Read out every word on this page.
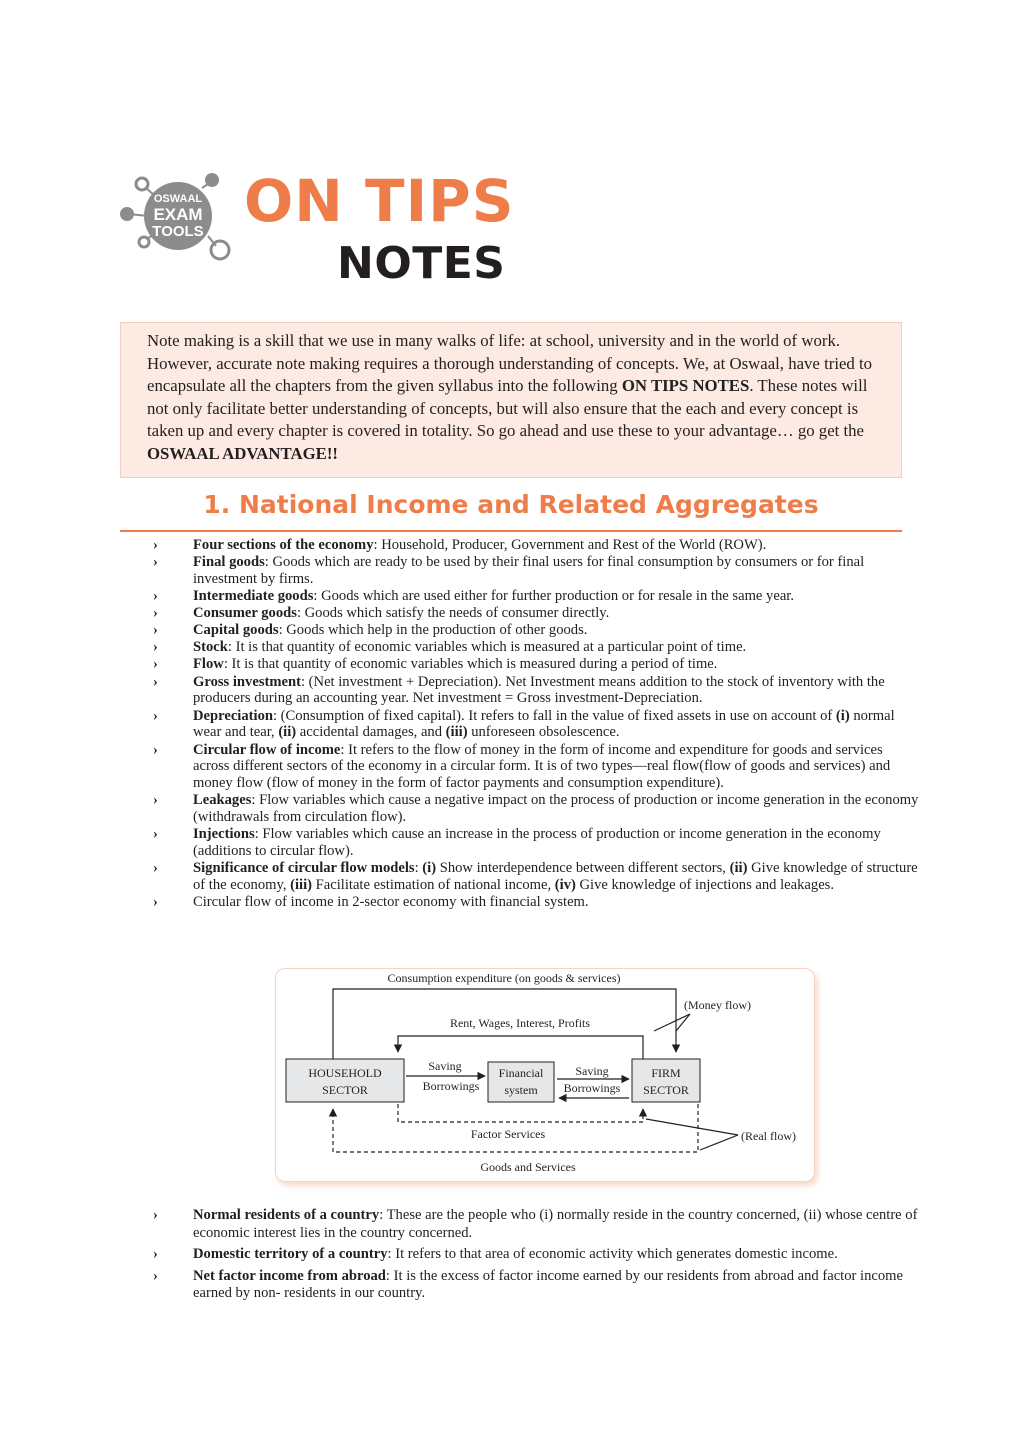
OSWAAL
EXAM
TOOLS ON TIPS
NOTES

Note making is a skill that we use in many walks of life: at school, university and in the world of work. However, accurate note making requires a thorough understanding of concepts. We, at Oswaal, have tried to encapsulate all the chapters from the given syllabus into the following ON TIPS NOTES. These notes will not only facilitate better understanding of concepts, but will also ensure that the each and every concept is taken up and every chapter is covered in totality. So go ahead and use these to your advantage… go get the OSWAAL ADVANTAGE!!

1. National Income and Related Aggregates
› Four sections of the economy: Household, Producer, Government and Rest of the World (ROW).
› Final goods: Goods which are ready to be used by their final users for final consumption by consumers or for final investment by firms.
› Intermediate goods: Goods which are used either for further production or for resale in the same year.
› Consumer goods: Goods which satisfy the needs of consumer directly.
› Capital goods: Goods which help in the production of other goods.
› Stock: It is that quantity of economic variables which is measured at a particular point of time.
› Flow: It is that quantity of economic variables which is measured during a period of time.
› Gross investment: (Net investment + Depreciation). Net Investment means addition to the stock of inventory with the producers during an accounting year. Net investment = Gross investment-Depreciation.
› Depreciation: (Consumption of fixed capital). It refers to fall in the value of fixed assets in use on account of (i) normal wear and tear, (ii) accidental damages, and (iii) unforeseen obsolescence.
› Circular flow of income: It refers to the flow of money in the form of income and expenditure for goods and services across different sectors of the economy in a circular form. It is of two types—real flow(flow of goods and services) and money flow (flow of money in the form of factor payments and consumption expenditure).
› Leakages: Flow variables which cause a negative impact on the process of production or income generation in the economy (withdrawals from circulation flow).
› Injections: Flow variables which cause an increase in the process of production or income generation in the economy (additions to circular flow).
› Significance of circular flow models: (i) Show interdependence between different sectors, (ii) Give knowledge of structure of the economy, (iii) Facilitate estimation of national income, (iv) Give knowledge of injections and leakages.
› Circular flow of income in 2-sector economy with financial system.
Consumption expenditure (on goods & services)
Rent, Wages, Interest, Profits
(Money flow)
HOUSEHOLD
SECTOR
Financial
system
FIRM
SECTOR
Saving
Borrowings
Saving
Borrowings
Factor Services
Goods and Services
(Real flow)
› Normal residents of a country: These are the people who (i) normally reside in the country concerned, (ii) whose centre of economic interest lies in the country concerned.
› Domestic territory of a country: It refers to that area of economic activity which generates domestic income.
› Net factor income from abroad: It is the excess of factor income earned by our residents from abroad and factor income earned by non- residents in our country.
